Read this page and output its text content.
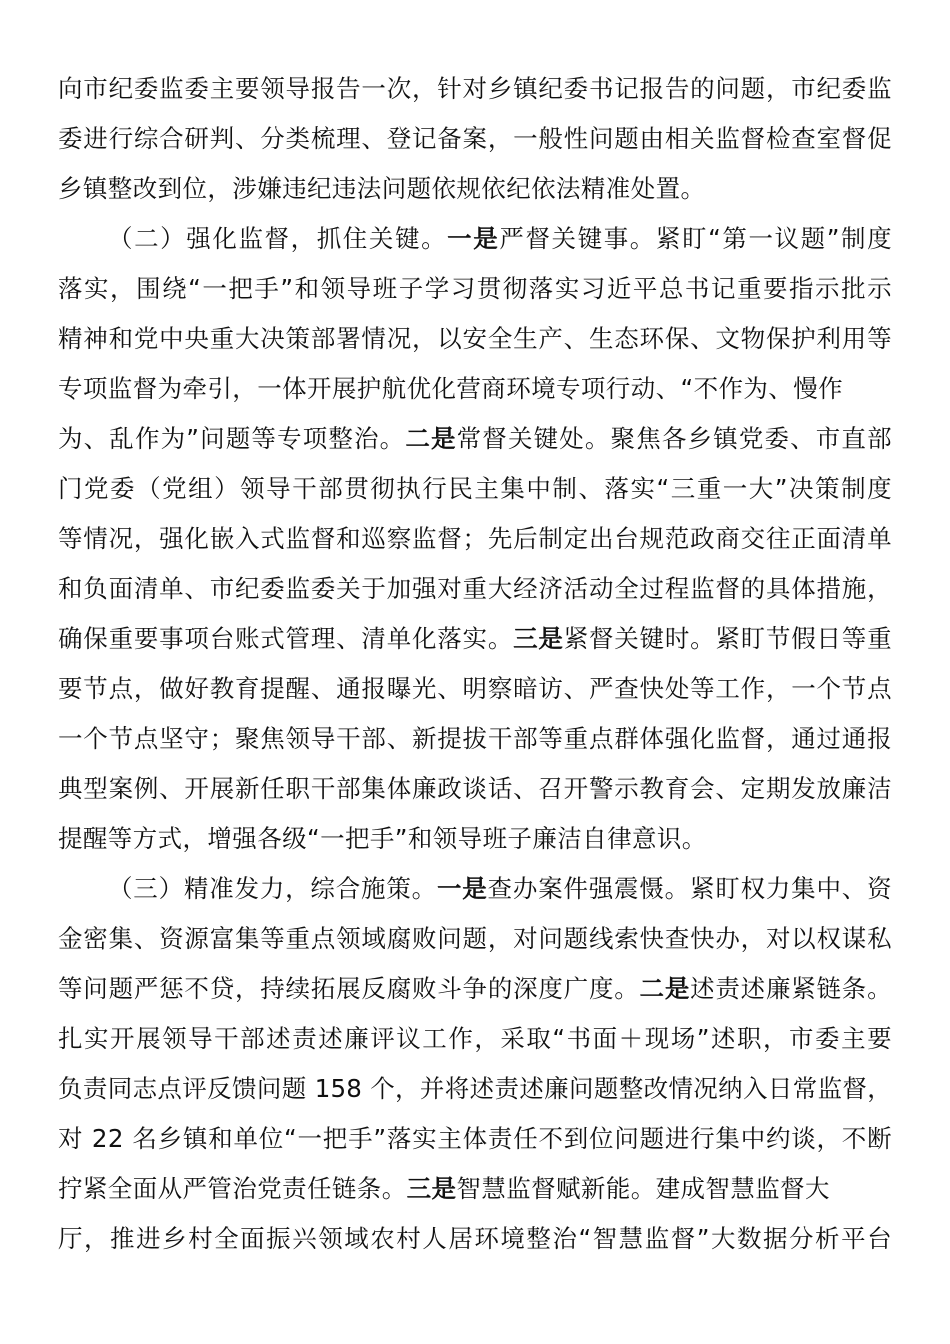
向市纪委监委主要领导报告一次，针对乡镇纪委书记报告的问题，市纪委监
委进行综合研判、分类梳理、登记备案，一般性问题由相关监督检查室督促
乡镇整改到位，涉嫌违纪违法问题依规依纪依法精准处置。
（二）强化监督，抓住关键。一是严督关键事。紧盯“第一议题”制度
落实，围绕“一把手”和领导班子学习贯彻落实习近平总书记重要指示批示
精神和党中央重大决策部署情况，以安全生产、生态环保、文物保护利用等
专项监督为牵引，一体开展护航优化营商环境专项行动、“不作为、慢作
为、乱作为”问题等专项整治。二是常督关键处。聚焦各乡镇党委、市直部
门党委（党组）领导干部贯彻执行民主集中制、落实“三重一大”决策制度
等情况，强化嵌入式监督和巡察监督；先后制定出台规范政商交往正面清单
和负面清单、市纪委监委关于加强对重大经济活动全过程监督的具体措施，
确保重要事项台账式管理、清单化落实。三是紧督关键时。紧盯节假日等重
要节点，做好教育提醒、通报曝光、明察暗访、严查快处等工作，一个节点
一个节点坚守；聚焦领导干部、新提拔干部等重点群体强化监督，通过通报
典型案例、开展新任职干部集体廉政谈话、召开警示教育会、定期发放廉洁
提醒等方式，增强各级“一把手”和领导班子廉洁自律意识。
（三）精准发力，综合施策。一是查办案件强震慑。紧盯权力集中、资
金密集、资源富集等重点领域腐败问题，对问题线索快查快办，对以权谋私
等问题严惩不贷，持续拓展反腐败斗争的深度广度。二是述责述廉紧链条。
扎实开展领导干部述责述廉评议工作，采取“书面＋现场”述职，市委主要
负责同志点评反馈问题 158 个，并将述责述廉问题整改情况纳入日常监督，
对 22 名乡镇和单位“一把手”落实主体责任不到位问题进行集中约谈，不断
拧紧全面从严管治党责任链条。三是智慧监督赋新能。建成智慧监督大
厅，推进乡村全面振兴领域农村人居环境整治“智慧监督”大数据分析平台
